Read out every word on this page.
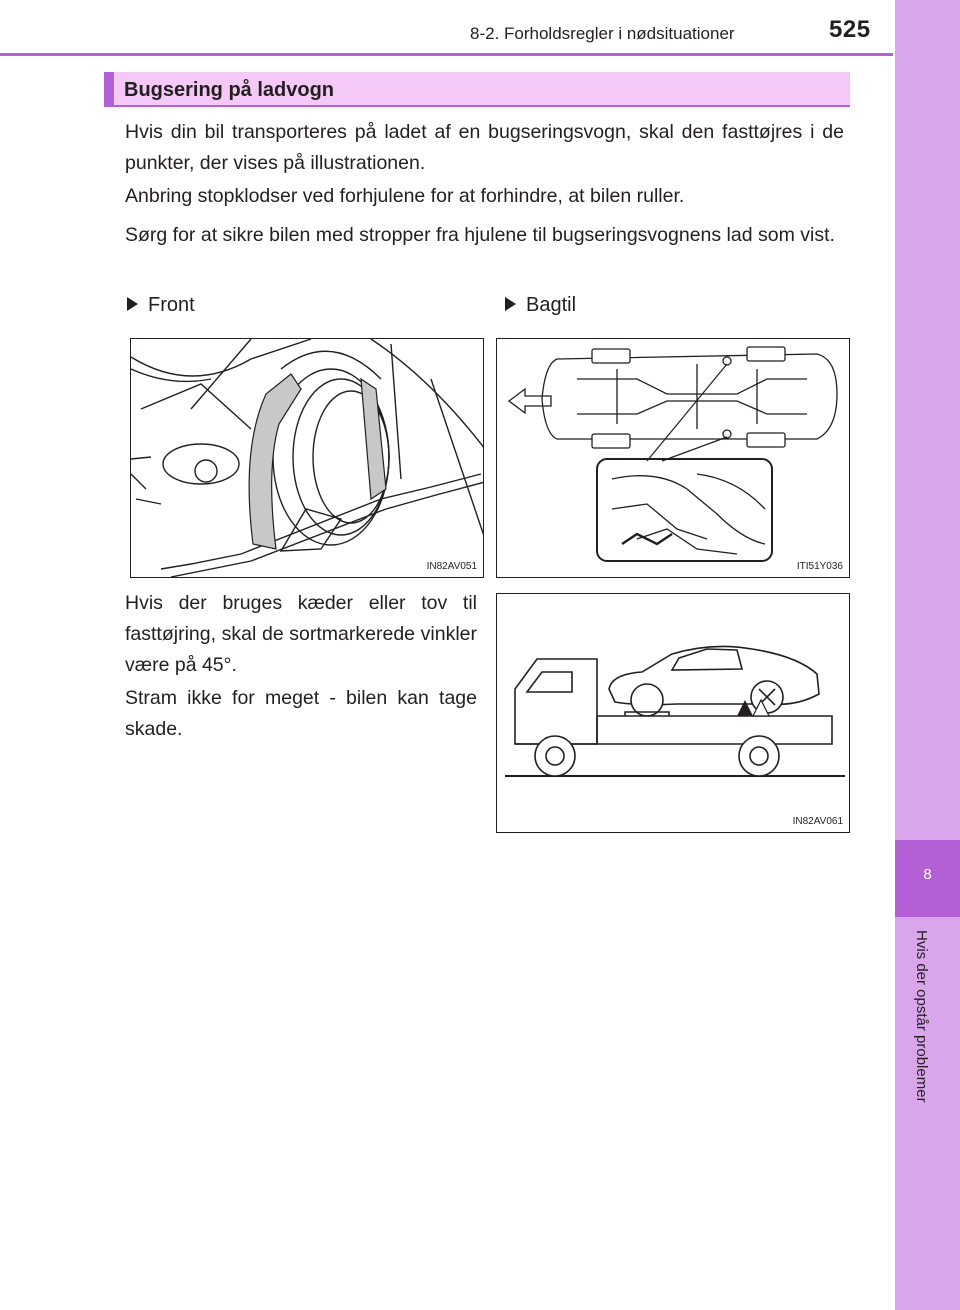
8-2. Forholdsregler i nødsituationer	525
8
Hvis der opstår problemer
Bugsering på ladvogn

Hvis din bil transporteres på ladet af en bugseringsvogn, skal den fasttøjres i de punkter, der vises på illustrationen.

Anbring stopklodser ved forhjulene for at forhindre, at bilen ruller.

Sørg for at sikre bilen med stropper fra hjulene til bugseringsvognens lad som vist.

Front	Bagtil
IN82AV051	ITI51Y036

Hvis der bruges kæder eller tov til fasttøjring, skal de sortmarkerede vinkler være på 45°.

Stram ikke for meget - bilen kan tage skade.

IN82AV061
